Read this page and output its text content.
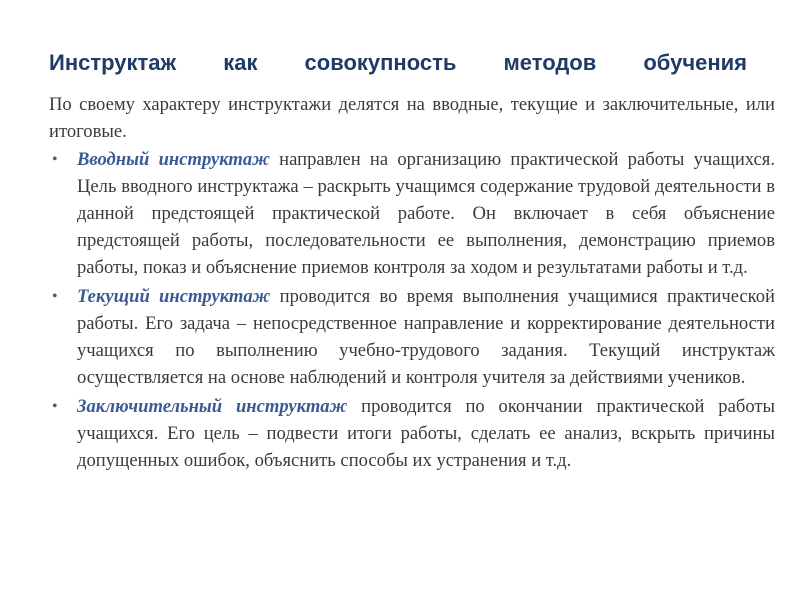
Инструктаж как совокупность методов обучения

По своему характеру инструктажи делятся на вводные, текущие и заключительные, или итоговые.

• Вводный инструктаж направлен на организацию практической работы учащихся. Цель вводного инструктажа – раскрыть учащимся содержание трудовой деятельности в данной предстоящей практической работе. Он включает в себя объяснение предстоящей работы, последовательности ее выполнения, демонстрацию приемов работы, показ и объяснение приемов контроля за ходом и результатами работы и т.д.
• Текущий инструктаж проводится во время выполнения учащимися практической работы. Его задача – непосредственное направление и корректирование деятельности учащихся по выполнению учебно-трудового задания. Текущий инструктаж осуществляется на основе наблюдений и контроля учителя за действиями учеников.
• Заключительный инструктаж проводится по окончании практической работы учащихся. Его цель – подвести итоги работы, сделать ее анализ, вскрыть причины допущенных ошибок, объяснить способы их устранения и т.д.
